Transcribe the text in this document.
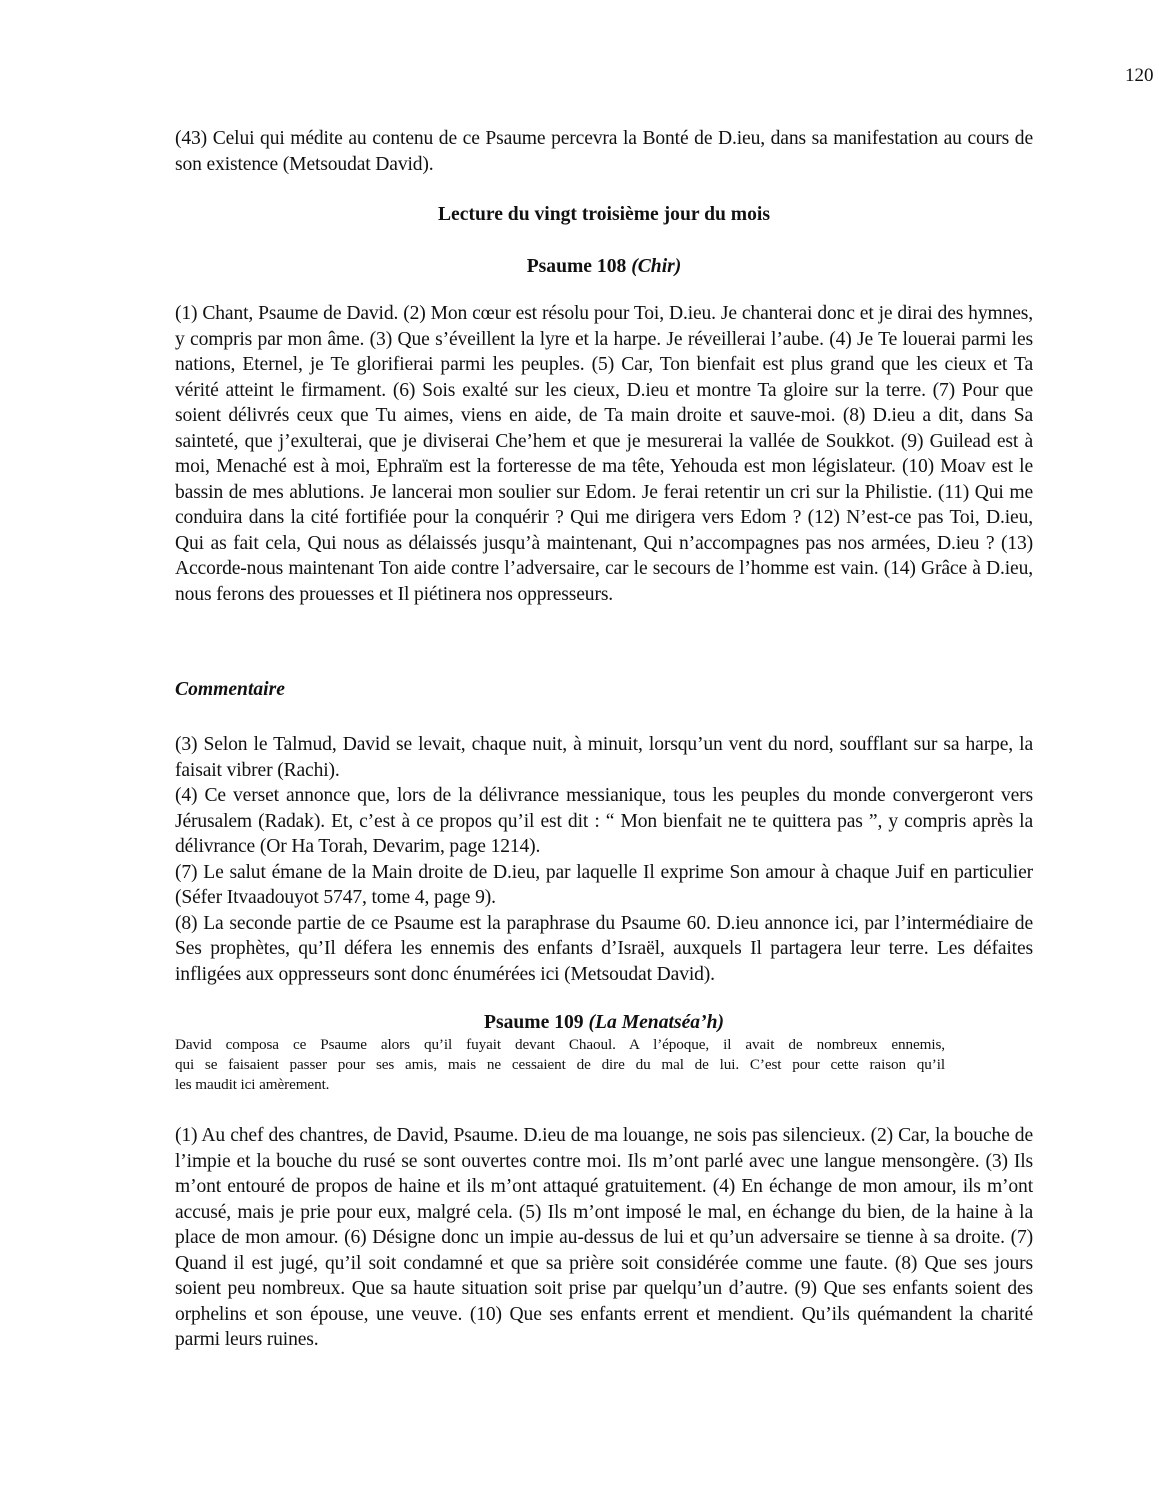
120

(43) Celui qui médite au contenu de ce Psaume percevra la Bonté de D.ieu, dans sa manifestation au cours de son existence (Metsoudat David).

Lecture du vingt troisième jour du mois
Psaume 108 (Chir)

(1) Chant, Psaume de David. (2) Mon cœur est résolu pour Toi, D.ieu. Je chanterai donc et je dirai des hymnes, y compris par mon âme. (3) Que s’éveillent la lyre et la harpe. Je réveillerai l’aube. (4) Je Te louerai parmi les nations, Eternel, je Te glorifierai parmi les peuples. (5) Car, Ton bienfait est plus grand que les cieux et Ta vérité atteint le firmament. (6) Sois exalté sur les cieux, D.ieu et montre Ta gloire sur la terre. (7) Pour que soient délivrés ceux que Tu aimes, viens en aide, de Ta main droite et sauve-moi. (8) D.ieu a dit, dans Sa sainteté, que j’exulterai, que je diviserai Che’hem et que je mesurerai la vallée de Soukkot. (9) Guilead est à moi, Menaché est à moi, Ephraïm est la forteresse de ma tête, Yehouda est mon législateur. (10) Moav est le bassin de mes ablutions. Je lancerai mon soulier sur Edom. Je ferai retentir un cri sur la Philistie. (11) Qui me conduira dans la cité fortifiée pour la conquérir ? Qui me dirigera vers Edom ? (12) N’est-ce pas Toi, D.ieu, Qui as fait cela, Qui nous as délaissés jusqu’à maintenant, Qui n’accompagnes pas nos armées, D.ieu ? (13) Accorde-nous maintenant Ton aide contre l’adversaire, car le secours de l’homme est vain. (14) Grâce à D.ieu, nous ferons des prouesses et Il piétinera nos oppresseurs.

Commentaire

(3) Selon le Talmud, David se levait, chaque nuit, à minuit, lorsqu’un vent du nord, soufflant sur sa harpe, la faisait vibrer (Rachi).

(4) Ce verset annonce que, lors de la délivrance messianique, tous les peuples du monde convergeront vers Jérusalem (Radak). Et, c’est à ce propos qu’il est dit : “ Mon bienfait ne te quittera pas ”, y compris après la délivrance (Or Ha Torah, Devarim, page 1214).

(7) Le salut émane de la Main droite de D.ieu, par laquelle Il exprime Son amour à chaque Juif en particulier (Séfer Itvaadouyot 5747, tome 4, page 9).

(8) La seconde partie de ce Psaume est la paraphrase du Psaume 60. D.ieu annonce ici, par l’intermédiaire de Ses prophètes, qu’Il défera les ennemis des enfants d’Israël, auxquels Il partagera leur terre. Les défaites infligées aux oppresseurs sont donc énumérées ici (Metsoudat David).

Psaume 109 (La Menatséa’h)

David composa ce Psaume alors qu’il fuyait devant Chaoul. A l’époque, il avait de nombreux ennemis,

qui se faisaient passer pour ses amis, mais ne cessaient de dire du mal de lui. C’est pour cette raison qu’il

les maudit ici amèrement.

(1) Au chef des chantres, de David, Psaume. D.ieu de ma louange, ne sois pas silencieux. (2) Car, la bouche de l’impie et la bouche du rusé se sont ouvertes contre moi. Ils m’ont parlé avec une langue mensongère. (3) Ils m’ont entouré de propos de haine et ils m’ont attaqué gratuitement. (4) En échange de mon amour, ils m’ont accusé, mais je prie pour eux, malgré cela. (5) Ils m’ont imposé le mal, en échange du bien, de la haine à la place de mon amour. (6) Désigne donc un impie au-dessus de lui et qu’un adversaire se tienne à sa droite. (7) Quand il est jugé, qu’il soit condamné et que sa prière soit considérée comme une faute. (8) Que ses jours soient peu nombreux. Que sa haute situation soit prise par quelqu’un d’autre. (9) Que ses enfants soient des orphelins et son épouse, une veuve. (10) Que ses enfants errent et mendient. Qu’ils quémandent la charité parmi leurs ruines.
